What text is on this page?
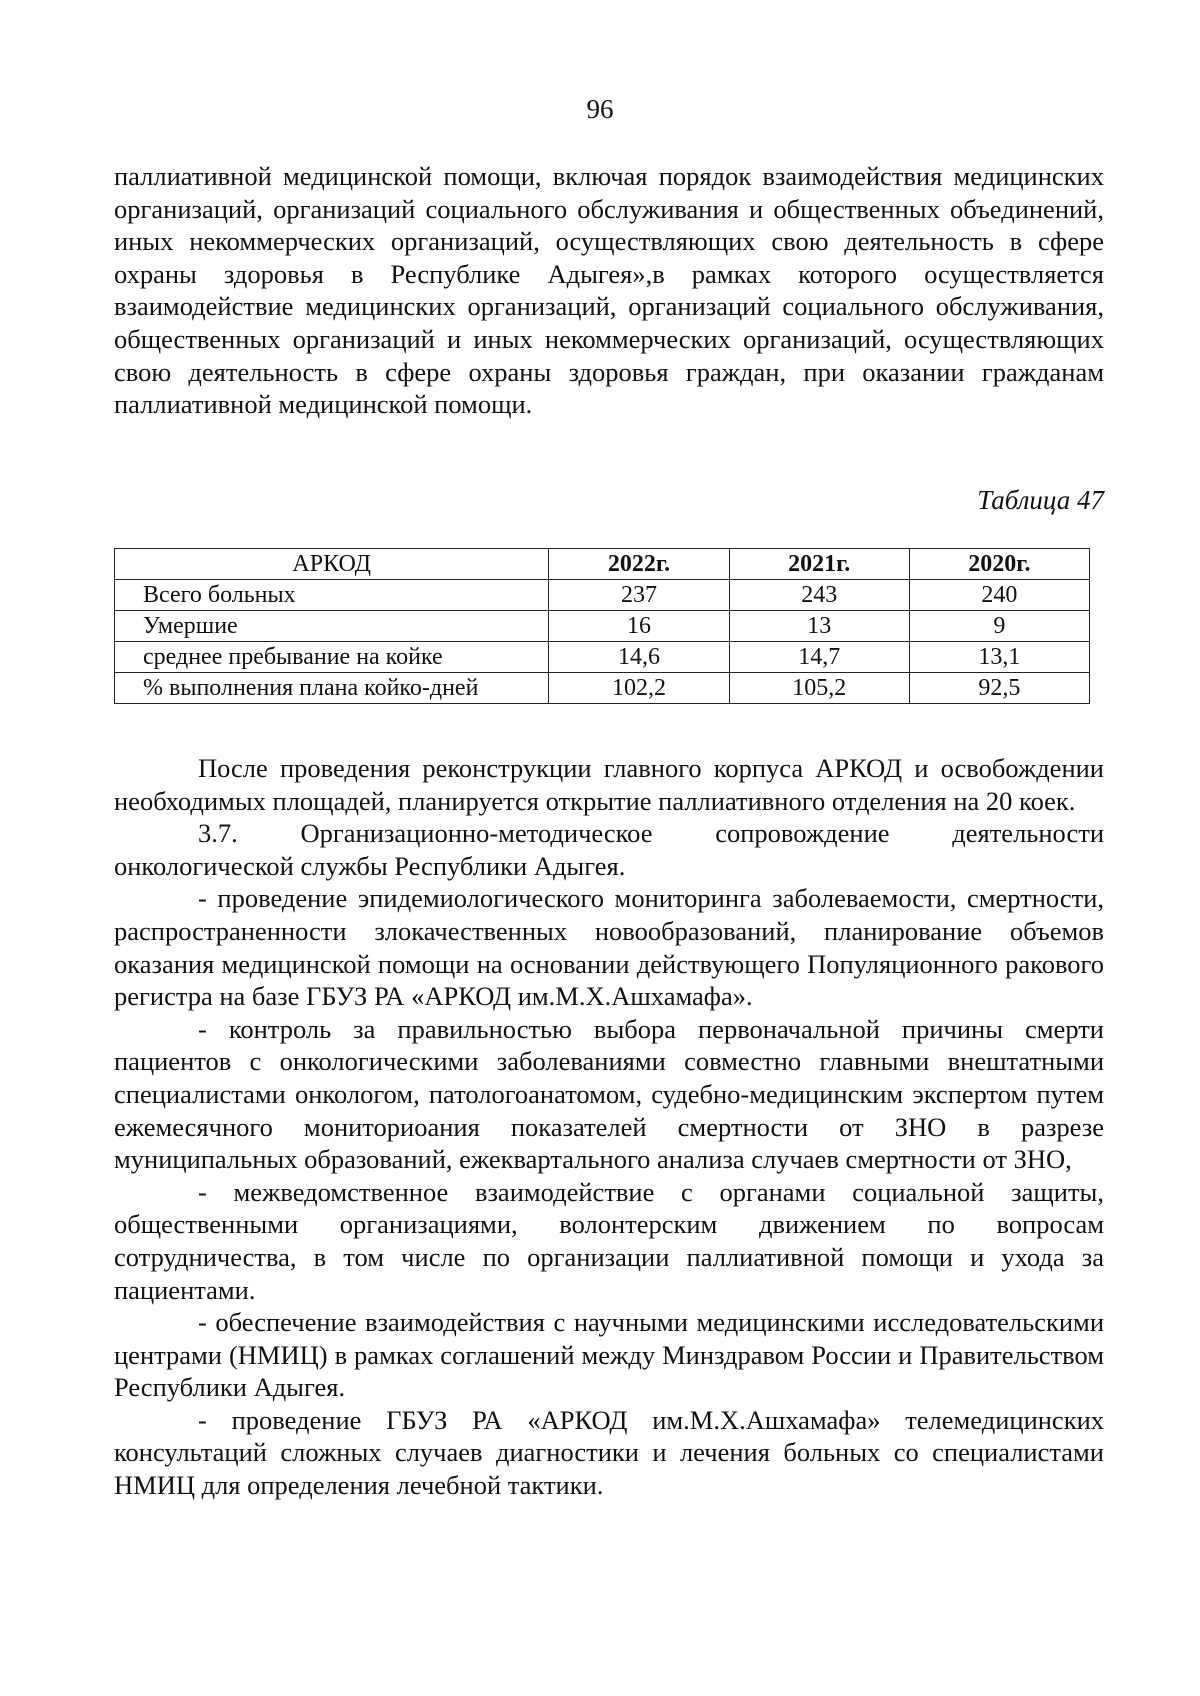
96

паллиативной медицинской помощи, включая порядок взаимодействия медицинских организаций, организаций социального обслуживания и общественных объединений, иных некоммерческих организаций, осуществляющих свою деятельность в сфере охраны здоровья в Республике Адыгея»,в рамках которого осуществляется взаимодействие медицинских организаций, организаций социального обслуживания, общественных организаций и иных некоммерческих организаций, осуществляющих свою деятельность в сфере охраны здоровья граждан, при оказании гражданам паллиативной медицинской помощи.

Таблица 47
АРКОД	2022г.	2021г.	2020г.
Всего больных	237	243	240
Умершие	16	13	9
среднее пребывание на койке	14,6	14,7	13,1
% выполнения плана койко-дней	102,2	105,2	92,5

После проведения реконструкции главного корпуса АРКОД и освобождении необходимых площадей, планируется открытие паллиативного отделения на 20 коек.

3.7. Организационно-методическое сопровождение деятельности онкологической службы Республики Адыгея.

- проведение эпидемиологического мониторинга заболеваемости, смертности, распространенности злокачественных новообразований, планирование объемов оказания медицинской помощи на основании действующего Популяционного ракового регистра на базе ГБУЗ РА «АРКОД им.М.Х.Ашхамафа».

- контроль за правильностью выбора первоначальной причины смерти пациентов с онкологическими заболеваниями совместно главными внештатными специалистами онкологом, патологоанатомом, судебно-медицинским экспертом путем ежемесячного мониториоания показателей смертности от ЗНО в разрезе муниципальных образований, ежеквартального анализа случаев смертности от ЗНО,

- межведомственное взаимодействие с органами социальной защиты, общественными организациями, волонтерским движением по вопросам сотрудничества, в том числе по организации паллиативной помощи и ухода за пациентами.

- обеспечение взаимодействия с научными медицинскими исследовательскими центрами (НМИЦ) в рамках соглашений между Минздравом России и Правительством Республики Адыгея.

- проведение ГБУЗ РА «АРКОД им.М.Х.Ашхамафа» телемедицинских консультаций сложных случаев диагностики и лечения больных со специалистами НМИЦ для определения лечебной тактики.
